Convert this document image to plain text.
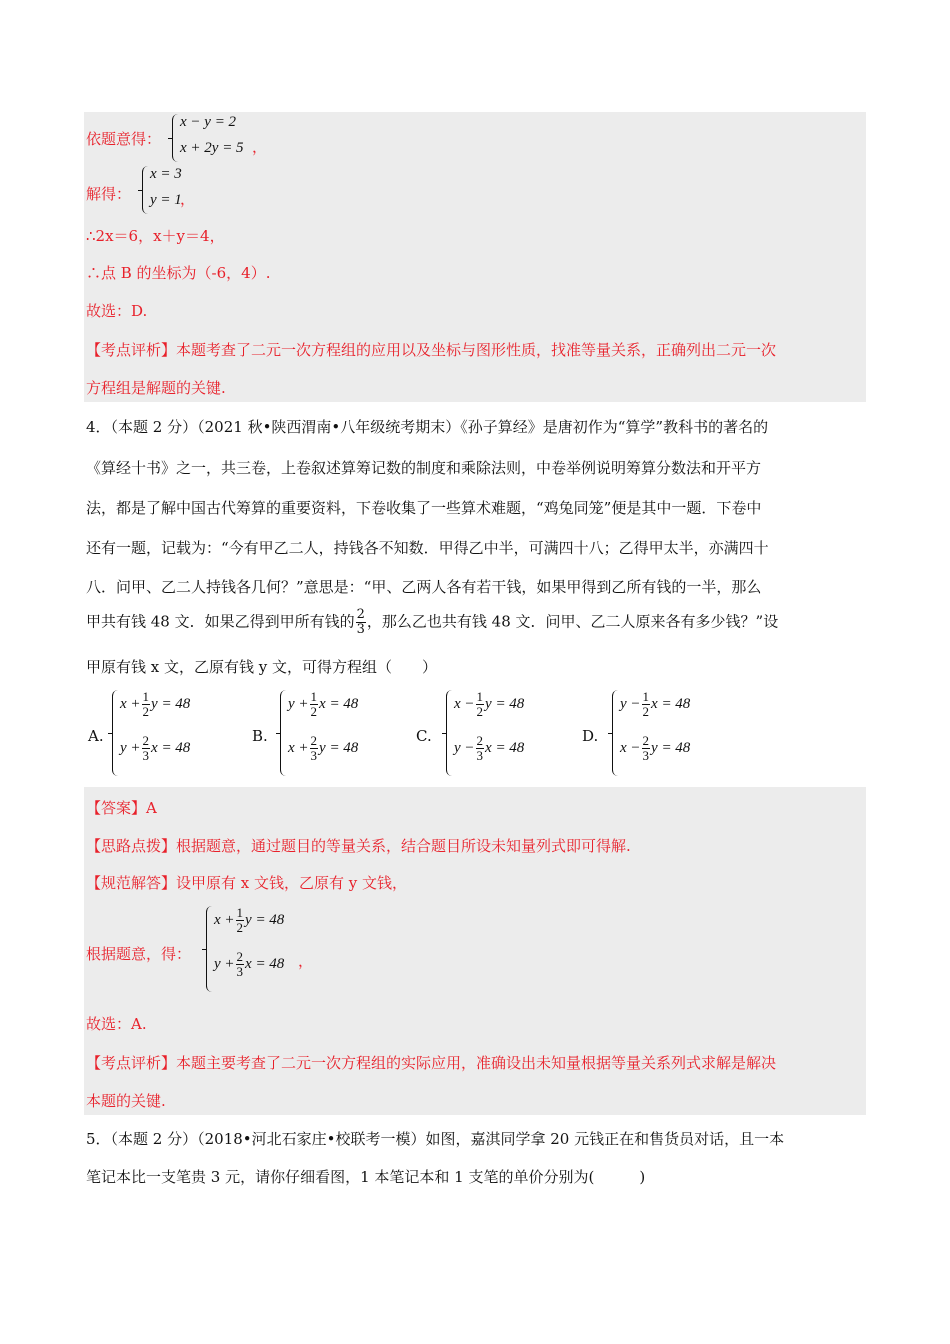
依题意得：
x − y = 2
x + 2y = 5 ，
解得：
x = 3
y = 1
，
∴2x＝6，x＋y＝4，
∴点 B 的坐标为（-6，4）.
故选：D.
【考点评析】本题考查了二元一次方程组的应用以及坐标与图形性质，找准等量关系，正确列出二元一次
方程组是解题的关键.
4．（本题 2 分）（2021 秋•陕西渭南•八年级统考期末）《孙子算经》是唐初作为“算学”教科书的著名的
《算经十书》之一，共三卷，上卷叙述算筹记数的制度和乘除法则，中卷举例说明筹算分数法和开平方
法，都是了解中国古代筹算的重要资料，下卷收集了一些算术难题，“鸡兔同笼”便是其中一题．下卷中
还有一题，记载为：“今有甲乙二人，持钱各不知数．甲得乙中半，可满四十八；乙得甲太半，亦满四十
八．问甲、乙二人持钱各几何？”意思是：“甲、乙两人各有若干钱，如果甲得到乙所有钱的一半，那么
甲共有钱 48 文．如果乙得到甲所有钱的 $\frac{2}{3}$ ，那么乙也共有钱 48 文．问甲、乙二人原来各有多少钱？”设
甲原有钱 x 文，乙原有钱 y 文，可得方程组（　　）
A.
$x + \frac{1}{2}$ y = 48
$y + \frac{2}{3}$ x = 48
B.
$y + \frac{1}{2}$ x = 48
$x + \frac{2}{3}$ y = 48
C.
$x - \frac{1}{2}$ y = 48
$y - \frac{2}{3}$ x = 48
D.
$y - \frac{1}{2}$ x = 48
$x - \frac{2}{3}$ y = 48
【答案】A
【思路点拨】根据题意，通过题目的等量关系，结合题目所设未知量列式即可得解.
【规范解答】设甲原有 x 文钱，乙原有 y 文钱，
根据题意，得：
$x + \frac{1}{2}$ y = 48
$y + \frac{2}{3}$ x = 48 ，
故选：A.
【考点评析】本题主要考查了二元一次方程组的实际应用，准确设出未知量根据等量关系列式求解是解决
本题的关键.
5．（本题 2 分）（2018•河北石家庄•校联考一模）如图，嘉淇同学拿 20 元钱正在和售货员对话，且一本
笔记本比一支笔贵 3 元，请你仔细看图，1 本笔记本和 1 支笔的单价分别为(　　　)
